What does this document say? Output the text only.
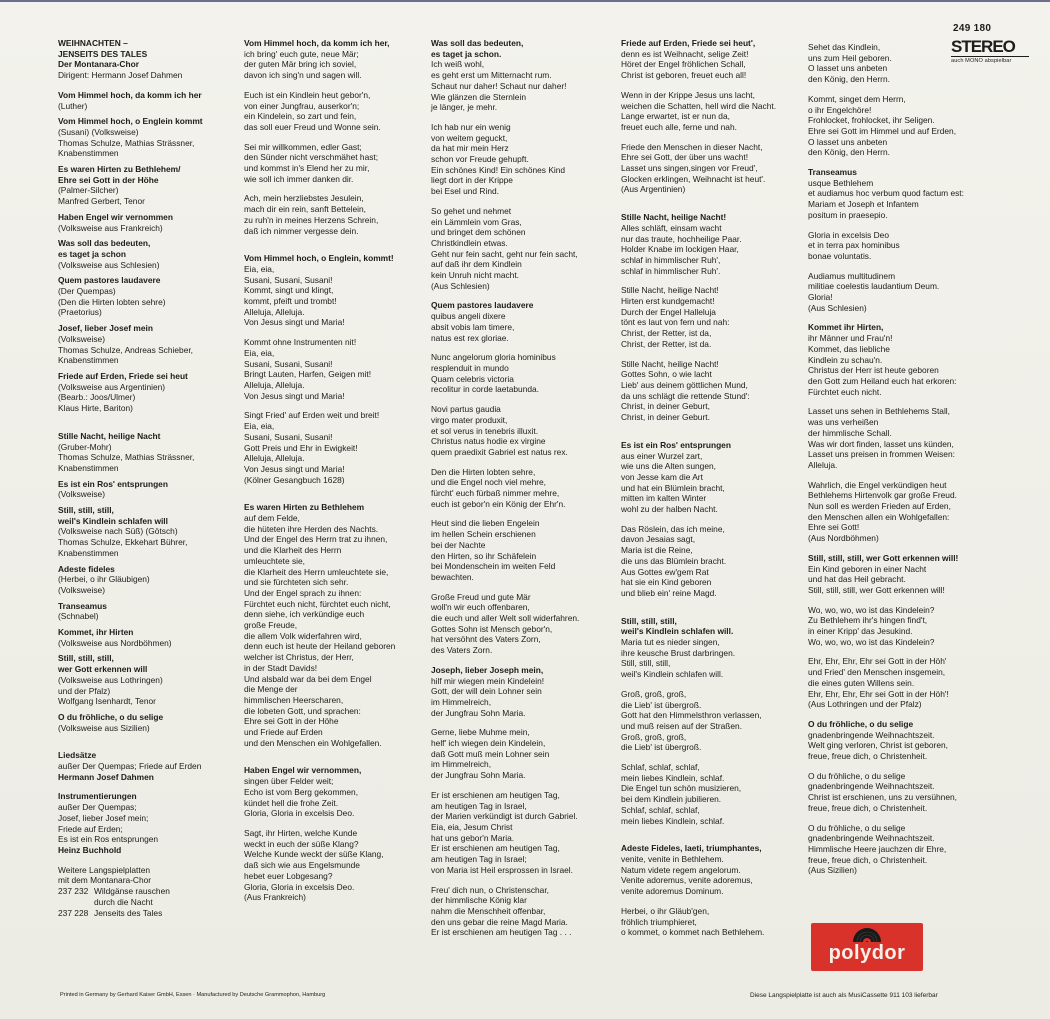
249 180
STEREO
auch MONO abspielbar

WEIHNACHTEN –

JENSEITS DES TALES

Der Montanara-Chor

Dirigent: Hermann Josef Dahmen

Vom Himmel hoch, da komm ich her

(Luther)

Vom Himmel hoch, o Englein kommt

(Susani) (Volksweise)

Thomas Schulze, Mathias Strässner,

Knabenstimmen

Es waren Hirten zu Bethlehem/

Ehre sei Gott in der Höhe

(Palmer-Silcher)

Manfred Gerbert, Tenor

Haben Engel wir vernommen

(Volksweise aus Frankreich)

Was soll das bedeuten,

es taget ja schon

(Volksweise aus Schlesien)

Quem pastores laudavere

(Der Quempas)

(Den die Hirten lobten sehre)

(Praetorius)

Josef, lieber Josef mein

(Volksweise)

Thomas Schulze, Andreas Schieber,

Knabenstimmen

Friede auf Erden, Friede sei heut

(Volksweise aus Argentinien)

(Bearb.: Joos/Ulmer)

Klaus Hirte, Bariton)

Stille Nacht, heilige Nacht

(Gruber-Mohr)

Thomas Schulze, Mathias Strässner,

Knabenstimmen

Es ist ein Ros' entsprungen

(Volksweise)

Still, still, still,

weil's Kindlein schlafen will

(Volksweise nach Süß) (Götsch)

Thomas Schulze, Ekkehart Bührer,

Knabenstimmen

Adeste fideles

(Herbei, o ihr Gläubigen)

(Volksweise)

Transeamus

(Schnabel)

Kommet, ihr Hirten

(Volksweise aus Nordböhmen)

Still, still, still,

wer Gott erkennen will

(Volksweise aus Lothringen)

und der Pfalz)

Wolfgang Isenhardt, Tenor

O du fröhliche, o du selige

(Volksweise aus Sizilien)

Liedsätze

außer Der Quempas; Friede auf Erden

Hermann Josef Dahmen

Instrumentierungen

außer Der Quempas;

Josef, lieber Josef mein;

Friede auf Erden;

Es ist ein Ros entsprungen

Heinz Buchhold

Weitere Langspielplatten

mit dem Montanara-Chor

237 232 Wildgänse rauschen

durch die Nacht

237 228 Jenseits des Tales

Vom Himmel hoch, da komm ich her,

ich bring' euch gute, neue Mär;

der guten Mär bring ich soviel,

davon ich sing'n und sagen will.

Euch ist ein Kindlein heut gebor'n,

von einer Jungfrau, auserkor'n;

ein Kindelein, so zart und fein,

das soll euer Freud und Wonne sein.

Sei mir willkommen, edler Gast;

den Sünder nicht verschmähet hast;

und kommst in's Elend her zu mir,

wie soll ich immer danken dir.

Ach, mein herzliebstes Jesulein,

mach dir ein rein, sanft Bettelein,

zu ruh'n in meines Herzens Schrein,

daß ich nimmer vergesse dein.

Vom Himmel hoch, o Englein, kommt!

Eia, eia,

Susani, Susani, Susani!

Kommt, singt und klingt,

kommt, pfeift und trombt!

Alleluja, Alleluja.

Von Jesus singt und Maria!

Kommt ohne Instrumenten nit!

Eia, eia,

Susani, Susani, Susani!

Bringt Lauten, Harfen, Geigen mit!

Alleluja, Alleluja.

Von Jesus singt und Maria!

Singt Fried' auf Erden weit und breit!

Eia, eia,

Susani, Susani, Susani!

Gott Preis und Ehr in Ewigkeit!

Alleluja, Alleluja.

Von Jesus singt und Maria!

(Kölner Gesangbuch 1628)

Es waren Hirten zu Bethlehem

auf dem Felde,

die hüteten ihre Herden des Nachts.

Und der Engel des Herrn trat zu ihnen,

und die Klarheit des Herrn

umleuchtete sie,

die Klarheit des Herrn umleuchtete sie,

und sie fürchteten sich sehr.

Und der Engel sprach zu ihnen:

Fürchtet euch nicht, fürchtet euch nicht,

denn siehe, ich verkündige euch

große Freude,

die allem Volk widerfahren wird,

denn euch ist heute der Heiland geboren

welcher ist Christus, der Herr,

in der Stadt Davids!

Und alsbald war da bei dem Engel

die Menge der

himmlischen Heerscharen,

die lobeten Gott, und sprachen:

Ehre sei Gott in der Höhe

und Friede auf Erden

und den Menschen ein Wohlgefallen.

Haben Engel wir vernommen,

singen über Felder weit;

Echo ist vom Berg gekommen,

kündet hell die frohe Zeit.

Gloria, Gloria in excelsis Deo.

Sagt, ihr Hirten, welche Kunde

weckt in euch der süße Klang?

Welche Kunde weckt der süße Klang,

daß sich wie aus Engelsmunde

hebet euer Lobgesang?

Gloria, Gloria in excelsis Deo.

(Aus Frankreich)

Was soll das bedeuten,

es taget ja schon.

Ich weiß wohl,

es geht erst um Mitternacht rum.

Schaut nur daher! Schaut nur daher!

Wie glänzen die Sternlein

je länger, je mehr.

Ich hab nur ein wenig

von weitem geguckt,

da hat mir mein Herz

schon vor Freude gehupft.

Ein schönes Kind! Ein schönes Kind

liegt dort in der Krippe

bei Esel und Rind.

So gehet und nehmet

ein Lämmlein vom Gras,

und bringet dem schönen

Christkindlein etwas.

Geht nur fein sacht, geht nur fein sacht,

auf daß ihr dem Kindlein

kein Unruh nicht macht.

(Aus Schlesien)

Quem pastores laudavere

quibus angeli dixere

absit vobis lam timere,

natus est rex gloriae.

Nunc angelorum gloria hominibus

resplenduit in mundo

Quam celebris victoria

recolitur in corde laetabunda.

Novi partus gaudia

virgo mater produxit,

et sol verus in tenebris illuxit.

Christus natus hodie ex virgine

quem praedixit Gabriel est natus rex.

Den die Hirten lobten sehre,

und die Engel noch viel mehre,

fürcht' euch fürbaß nimmer mehre,

euch ist gebor'n ein König der Ehr'n.

Heut sind die lieben Engelein

im hellen Schein erschienen

bei der Nachte

den Hirten, so ihr Schäfelein

bei Mondenschein im weiten Feld

bewachten.

Große Freud und gute Mär

woll'n wir euch offenbaren,

die euch und aller Welt soll widerfahren.

Gottes Sohn ist Mensch gebor'n,

hat versöhnt des Vaters Zorn,

des Vaters Zorn.

Joseph, lieber Joseph mein,

hilf mir wiegen mein Kindelein!

Gott, der will dein Lohner sein

im Himmelreich,

der Jungfrau Sohn Maria.

Gerne, liebe Muhme mein,

helf' ich wiegen dein Kindelein,

daß Gott muß mein Lohner sein

im Himmelreich,

der Jungfrau Sohn Maria.

Er ist erschienen am heutigen Tag,

am heutigen Tag in Israel,

der Marien verkündigt ist durch Gabriel.

Eia, eia, Jesum Christ

hat uns gebor'n Maria.

Er ist erschienen am heutigen Tag,

am heutigen Tag in Israel;

von Maria ist Heil ersprossen in Israel.

Freu' dich nun, o Christenschar,

der himmlische König klar

nahm die Menschheit offenbar,

den uns gebar die reine Magd Maria.

Er ist erschienen am heutigen Tag . . .

Friede auf Erden, Friede sei heut',

denn es ist Weihnacht, selige Zeit!

Höret der Engel fröhlichen Schall,

Christ ist geboren, freuet euch all!

Wenn in der Krippe Jesus uns lacht,

weichen die Schatten, hell wird die Nacht.

Lange erwartet, ist er nun da,

freuet euch alle, ferne und nah.

Friede den Menschen in dieser Nacht,

Ehre sei Gott, der über uns wacht!

Lasset uns singen,singen vor Freud',

Glocken erklingen, Weihnacht ist heut'.

(Aus Argentinien)

Stille Nacht, heilige Nacht!

Alles schläft, einsam wacht

nur das traute, hochheilige Paar.

Holder Knabe im lockigen Haar,

schlaf in himmlischer Ruh',

schlaf in himmlischer Ruh'.

Stille Nacht, heilige Nacht!

Hirten erst kundgemacht!

Durch der Engel Halleluja

tönt es laut von fern und nah:

Christ, der Retter, ist da,

Christ, der Retter, ist da.

Stille Nacht, heilige Nacht!

Gottes Sohn, o wie lacht

Lieb' aus deinem göttlichen Mund,

da uns schlägt die rettende Stund':

Christ, in deiner Geburt,

Christ, in deiner Geburt.

Es ist ein Ros' entsprungen

aus einer Wurzel zart,

wie uns die Alten sungen,

von Jesse kam die Art

und hat ein Blümlein bracht,

mitten im kalten Winter

wohl zu der halben Nacht.

Das Röslein, das ich meine,

davon Jesaias sagt,

Maria ist die Reine,

die uns das Blümlein bracht.

Aus Gottes ew'gem Rat

hat sie ein Kind geboren

und blieb ein' reine Magd.

Still, still, still,

weil's Kindlein schlafen will.

Maria tut es nieder singen,

ihre keusche Brust darbringen.

Still, still, still,

weil's Kindlein schlafen will.

Groß, groß, groß,

die Lieb' ist übergroß.

Gott hat den Himmelsthron verlassen,

und muß reisen auf der Straßen.

Groß, groß, groß,

die Lieb' ist übergroß.

Schlaf, schlaf, schlaf,

mein liebes Kindlein, schlaf.

Die Engel tun schön musizieren,

bei dem Kindlein jubilieren.

Schlaf, schlaf, schlaf,

mein liebes Kindlein, schlaf.

Adeste Fideles, laeti, triumphantes,

venite, venite in Bethlehem.

Natum videte regem angelorum.

Venite adoremus, venite adoremus,

venite adoremus Dominum.

Herbei, o ihr Gläub'gen,

fröhlich triumphieret,

o kommet, o kommet nach Bethlehem.

Sehet das Kindlein,

uns zum Heil geboren.

O lasset uns anbeten

den König, den Herrn.

Kommt, singet dem Herrn,

o ihr Engelchöre!

Frohlocket, frohlocket, ihr Seligen.

Ehre sei Gott im Himmel und auf Erden,

O lasset uns anbeten

den König, den Herrn.

Transeamus

usque Bethlehem

et audiamus hoc verbum quod factum est:

Mariam et Joseph et Infantem

positum in praesepio.

Gloria in excelsis Deo

et in terra pax hominibus

bonae voluntatis.

Audiamus multitudinem

militiae coelestis laudantium Deum.

Gloria!

(Aus Schlesien)

Kommet ihr Hirten,

ihr Männer und Frau'n!

Kommet, das liebliche

Kindlein zu schau'n.

Christus der Herr ist heute geboren

den Gott zum Heiland euch hat erkoren:

Fürchtet euch nicht.

Lasset uns sehen in Bethlehems Stall,

was uns verheißen

der himmlische Schall.

Was wir dort finden, lasset uns künden,

Lasset uns preisen in frommen Weisen:

Alleluja.

Wahrlich, die Engel verkündigen heut

Bethlehems Hirtenvolk gar große Freud.

Nun soll es werden Frieden auf Erden,

den Menschen allen ein Wohlgefallen:

Ehre sei Gott!

(Aus Nordböhmen)

Still, still, still, wer Gott erkennen will!

Ein Kind geboren in einer Nacht

und hat das Heil gebracht.

Still, still, still, wer Gott erkennen will!

Wo, wo, wo, wo ist das Kindelein?

Zu Bethlehem ihr's hingen find't,

in einer Kripp' das Jesukind.

Wo, wo, wo, wo ist das Kindelein?

Ehr, Ehr, Ehr, Ehr sei Gott in der Höh'

und Fried' den Menschen insgemein,

die eines guten Willens sein.

Ehr, Ehr, Ehr, Ehr sei Gott in der Höh'!

(Aus Lothringen und der Pfalz)

O du fröhliche, o du selige

gnadenbringende Weihnachtszeit.

Welt ging verloren, Christ ist geboren,

freue, freue dich, o Christenheit.

O du fröhliche, o du selige

gnadenbringende Weihnachtszeit.

Christ ist erschienen, uns zu versühnen,

freue, freue dich, o Christenheit.

O du fröhliche, o du selige

gnadenbringende Weihnachtszeit.

Himmlische Heere jauchzen dir Ehre,

freue, freue dich, o Christenheit.

(Aus Sizilien)

polydor
Printed in Germany by Gerhard Kaiser GmbH, Essen · Manufactured by Deutsche Grammophon, Hamburg	Diese Langspielplatte ist auch als MusiCassette 911 103 lieferbar
